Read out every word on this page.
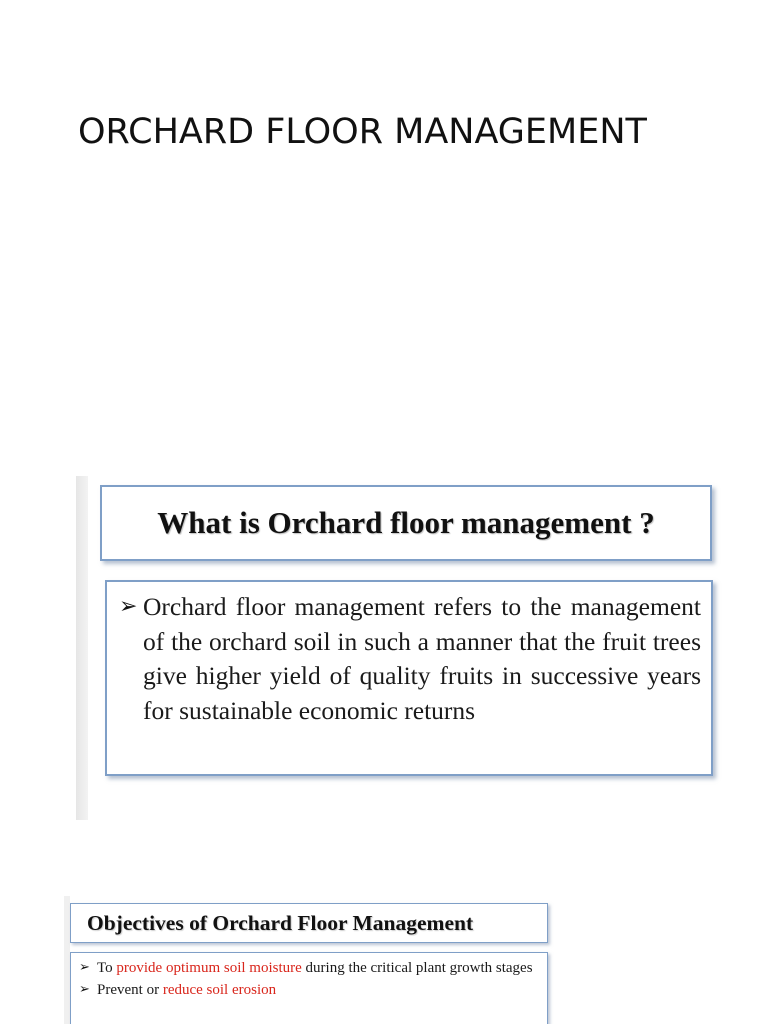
ORCHARD FLOOR MANAGEMENT
What is Orchard floor management ?
➢ Orchard floor management refers to the management of the orchard soil in such a manner that the fruit trees give higher yield of quality fruits in successive years for sustainable economic returns

Objectives of Orchard Floor Management
➢ To provide optimum soil moisture during the critical plant growth stages
➢ Prevent or reduce soil erosion
